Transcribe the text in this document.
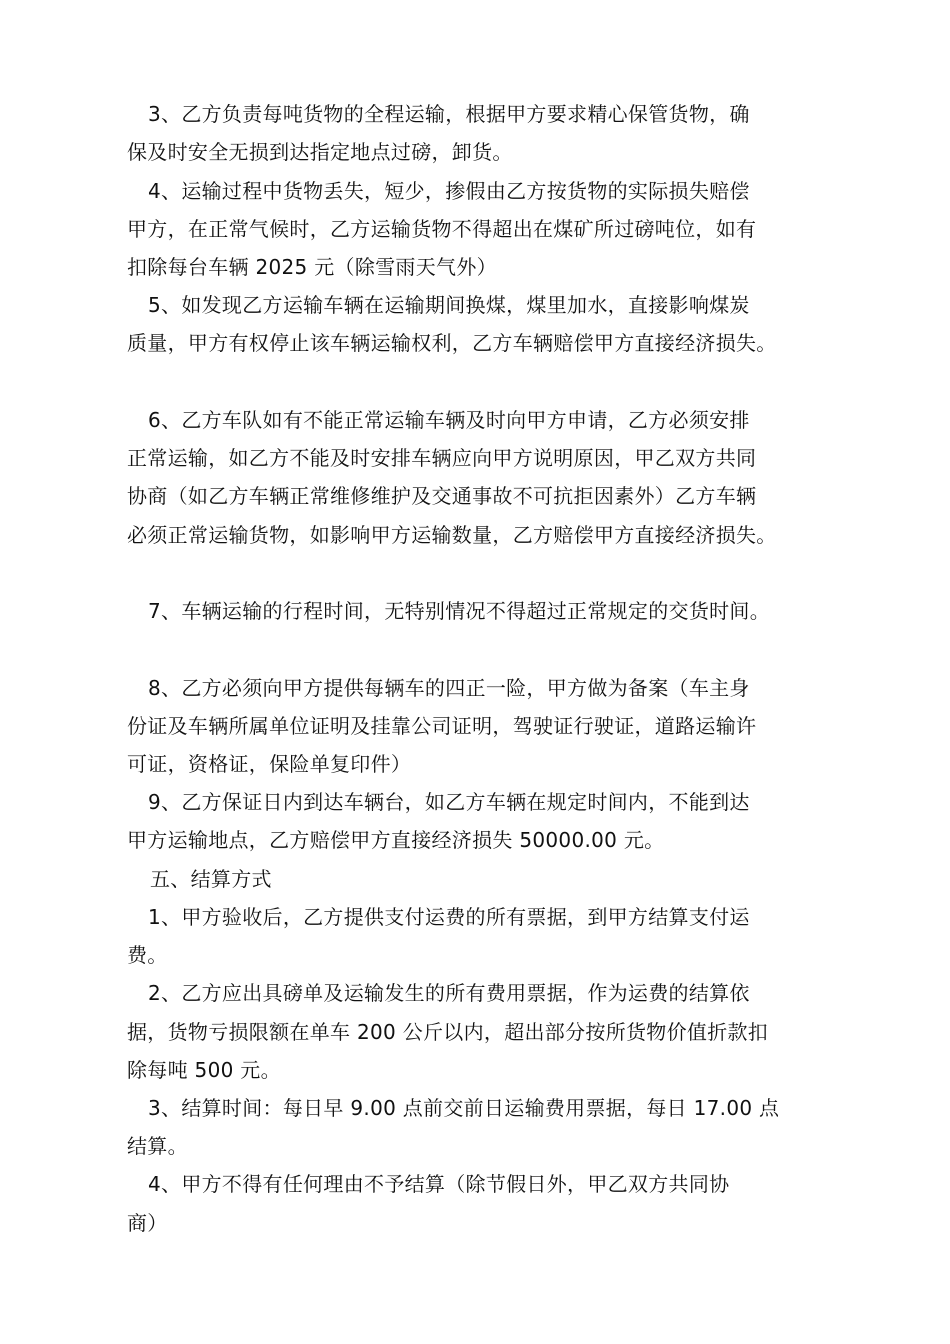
3、乙方负责每吨货物的全程运输，根据甲方要求精心保管货物，确
保及时安全无损到达指定地点过磅，卸货。
4、运输过程中货物丢失，短少，掺假由乙方按货物的实际损失赔偿
甲方，在正常气候时，乙方运输货物不得超出在煤矿所过磅吨位，如有
扣除每台车辆 2025 元（除雪雨天气外）
5、如发现乙方运输车辆在运输期间换煤，煤里加水，直接影响煤炭
质量，甲方有权停止该车辆运输权利，乙方车辆赔偿甲方直接经济损失。
6、乙方车队如有不能正常运输车辆及时向甲方申请，乙方必须安排
正常运输，如乙方不能及时安排车辆应向甲方说明原因，甲乙双方共同
协商（如乙方车辆正常维修维护及交通事故不可抗拒因素外）乙方车辆
必须正常运输货物，如影响甲方运输数量，乙方赔偿甲方直接经济损失。
7、车辆运输的行程时间，无特别情况不得超过正常规定的交货时间。
8、乙方必须向甲方提供每辆车的四正一险，甲方做为备案（车主身
份证及车辆所属单位证明及挂靠公司证明，驾驶证行驶证，道路运输许
可证，资格证，保险单复印件）
9、乙方保证日内到达车辆台，如乙方车辆在规定时间内，不能到达
甲方运输地点，乙方赔偿甲方直接经济损失 50000.00 元。
五、结算方式
1、甲方验收后，乙方提供支付运费的所有票据，到甲方结算支付运
费。
2、乙方应出具磅单及运输发生的所有费用票据，作为运费的结算依
据，货物亏损限额在单车 200 公斤以内，超出部分按所货物价值折款扣
除每吨 500 元。
3、结算时间：每日早 9.00 点前交前日运输费用票据，每日 17.00 点
结算。
4、甲方不得有任何理由不予结算（除节假日外，甲乙双方共同协
商）
